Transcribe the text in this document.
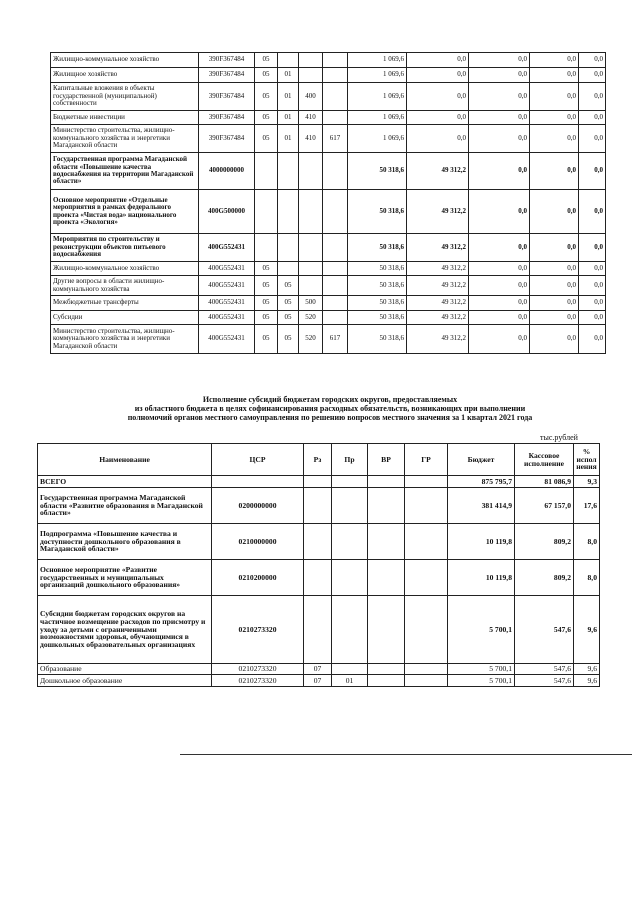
Жилищно-коммунальное хозяйство	390F367484	05				1 069,6	0,0	0,0	0,0	0,0
Жилищное хозяйство	390F367484	05	01			1 069,6	0,0	0,0	0,0	0,0
Капитальные вложения в объекты государственной (муниципальной) собственности	390F367484	05	01	400		1 069,6	0,0	0,0	0,0	0,0
Бюджетные инвестиции	390F367484	05	01	410		1 069,6	0,0	0,0	0,0	0,0
Министерство строительства, жилищно-коммунального хозяйства и энергетики Магаданской области	390F367484	05	01	410	617	1 069,6	0,0	0,0	0,0	0,0
Государственная программа Магаданской области «Повышение качества водоснабжения на территории Магаданской области»	4000000000					50 318,6	49 312,2	0,0	0,0	0,0
Основное мероприятие «Отдельные мероприятия в рамках федерального проекта «Чистая вода» национального проекта «Экология»	400G500000					50 318,6	49 312,2	0,0	0,0	0,0
Мероприятия по строительству и реконструкции объектов питьевого водоснабжения	400G552431					50 318,6	49 312,2	0,0	0,0	0,0
Жилищно-коммунальное хозяйство	400G552431	05				50 318,6	49 312,2	0,0	0,0	0,0
Другие вопросы в области жилищно-коммунального хозяйства	400G552431	05	05			50 318,6	49 312,2	0,0	0,0	0,0
Межбюджетные трансферты	400G552431	05	05	500		50 318,6	49 312,2	0,0	0,0	0,0
Субсидии	400G552431	05	05	520		50 318,6	49 312,2	0,0	0,0	0,0
Министерство строительства, жилищно-коммунального хозяйства и энергетики Магаданской области	400G552431	05	05	520	617	50 318,6	49 312,2	0,0	0,0	0,0
Исполнение субсидий бюджетам городских округов, предоставляемых
из областного бюджета в целях софинансирования расходных обязательств, возникающих при выполнении
полномочий органов местного самоуправления по решению вопросов местного значения за 1 квартал 2021 года
тыс.рублей
Наименование	ЦСР	Рз	Пр	ВР	ГР	Бюджет	Кассовое исполнение	% испол нения
ВСЕГО						875 795,7	81 086,9	9,3
Государственная программа Магаданской области «Развитие образования в Магаданской области»	0200000000					381 414,9	67 157,0	17,6
Подпрограмма «Повышение качества и доступности дошкольного образования в Магаданской области»	0210000000					10 119,8	809,2	8,0
Основное мероприятие «Развитие государственных и муниципальных организаций дошкольного образования»	0210200000					10 119,8	809,2	8,0
Субсидии бюджетам городских округов на частичное возмещение расходов по присмотру и уходу за детьми с ограниченными возможностями здоровья, обучающимися в дошкольных образовательных организациях	0210273320					5 700,1	547,6	9,6
Образование	0210273320	07				5 700,1	547,6	9,6
Дошкольное образование	0210273320	07	01			5 700,1	547,6	9,6
